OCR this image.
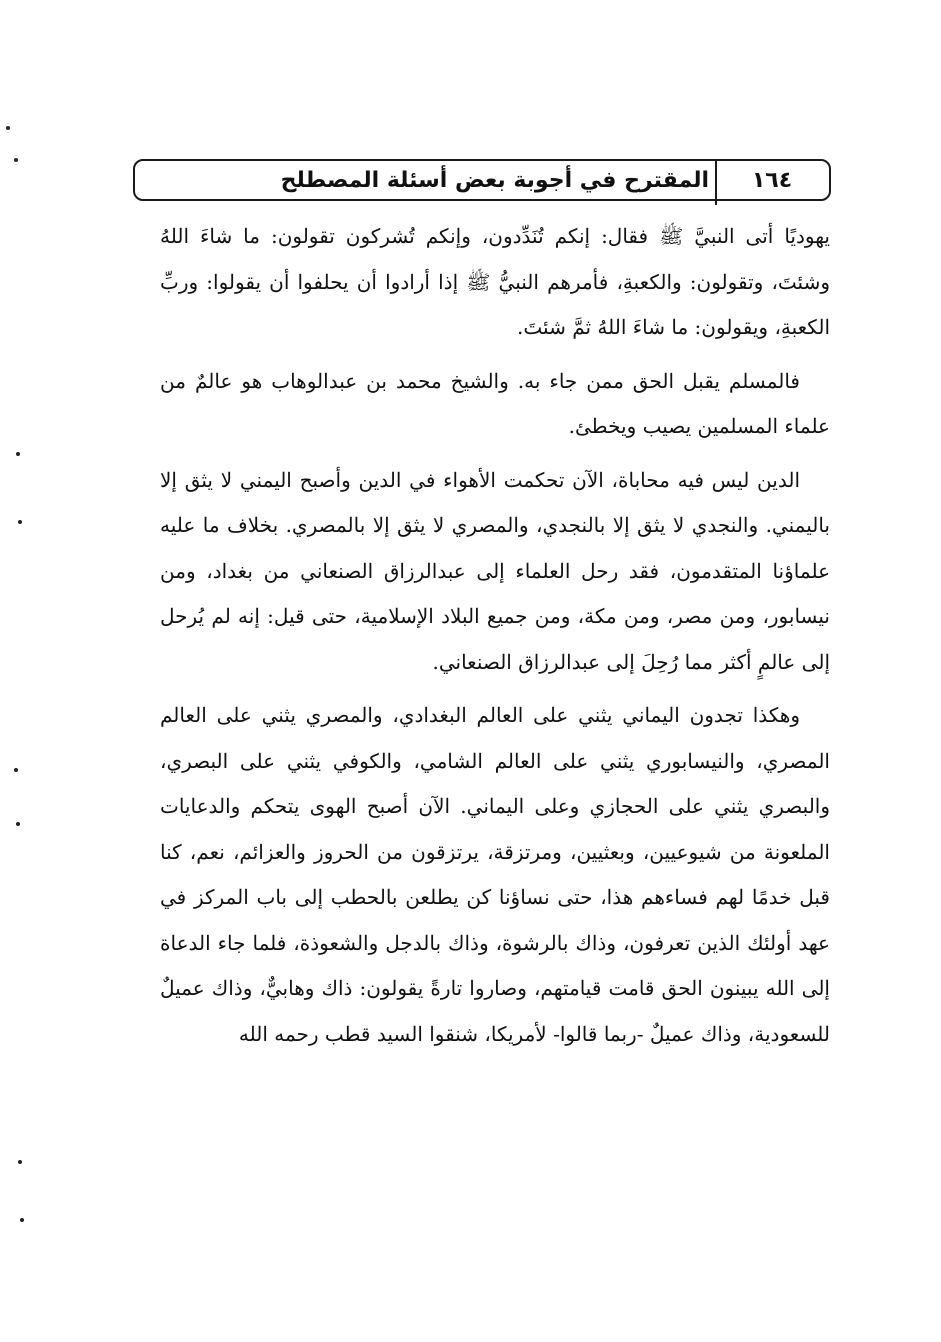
المقترح في أجوبة بعض أسئلة المصطلح	١٦٤

يهوديًا أتى النبيَّ ﷺ فقال: إنكم تُنَدِّدون، وإنكم تُشركون تقولون: ما شاءَ اللهُ وشئتَ، وتقولون: والكعبةِ، فأمرهم النبيُّ ﷺ إذا أرادوا أن يحلفوا أن يقولوا: وربِّ الكعبةِ، ويقولون: ما شاءَ اللهُ ثمَّ شئتَ.

فالمسلم يقبل الحق ممن جاء به. والشيخ محمد بن عبدالوهاب هو عالمٌ من علماء المسلمين يصيب ويخطئ.

الدين ليس فيه محاباة، الآن تحكمت الأهواء في الدين وأصبح اليمني لا يثق إلا باليمني. والنجدي لا يثق إلا بالنجدي، والمصري لا يثق إلا بالمصري. بخلاف ما عليه علماؤنا المتقدمون، فقد رحل العلماء إلى عبدالرزاق الصنعاني من بغداد، ومن نيسابور، ومن مصر، ومن مكة، ومن جميع البلاد الإسلامية، حتى قيل: إنه لم يُرحل إلى عالمٍ أكثر مما رُحِلَ إلى عبدالرزاق الصنعاني.

وهكذا تجدون اليماني يثني على العالم البغدادي، والمصري يثني على العالم المصري، والنيسابوري يثني على العالم الشامي، والكوفي يثني على البصري، والبصري يثني على الحجازي وعلى اليماني. الآن أصبح الهوى يتحكم والدعايات الملعونة من شيوعيين، وبعثيين، ومرتزقة، يرتزقون من الحروز والعزائم، نعم، كنا قبل خدمًا لهم فساءهم هذا، حتى نساؤنا كن يطلعن بالحطب إلى باب المركز في عهد أولئك الذين تعرفون، وذاك بالرشوة، وذاك بالدجل والشعوذة، فلما جاء الدعاة إلى الله يبينون الحق قامت قيامتهم، وصاروا تارةً يقولون: ذاك وهابيٌّ، وذاك عميلٌ للسعودية، وذاك عميلٌ -ربما قالوا- لأمريكا، شنقوا السيد قطب رحمه الله
